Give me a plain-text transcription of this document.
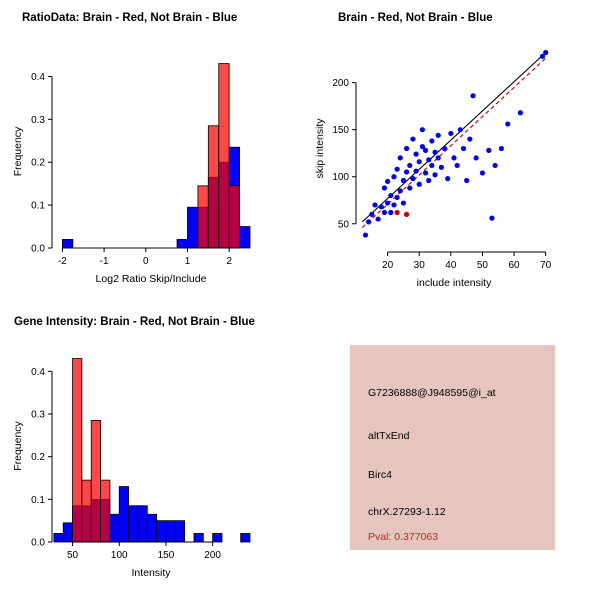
RatioData: Brain - Red, Not Brain - Blue
0.0
0.1
0.2
0.3
0.4
-2	-1	0	1	2
Log2 Ratio Skip/Include
Frequency
Brain - Red, Not Brain - Blue
50
100
150
200
20 30 40 50 60 70
include intensity
skip intensity
Gene Intensity: Brain - Red, Not Brain - Blue
0.0
0.1
0.2
0.3
0.4
50	100	150	200
Intensity
Frequency
G7236888@J948595@i_at
altTxEnd
Birc4
chrX.27293-1.12
Pval: 0.377063
